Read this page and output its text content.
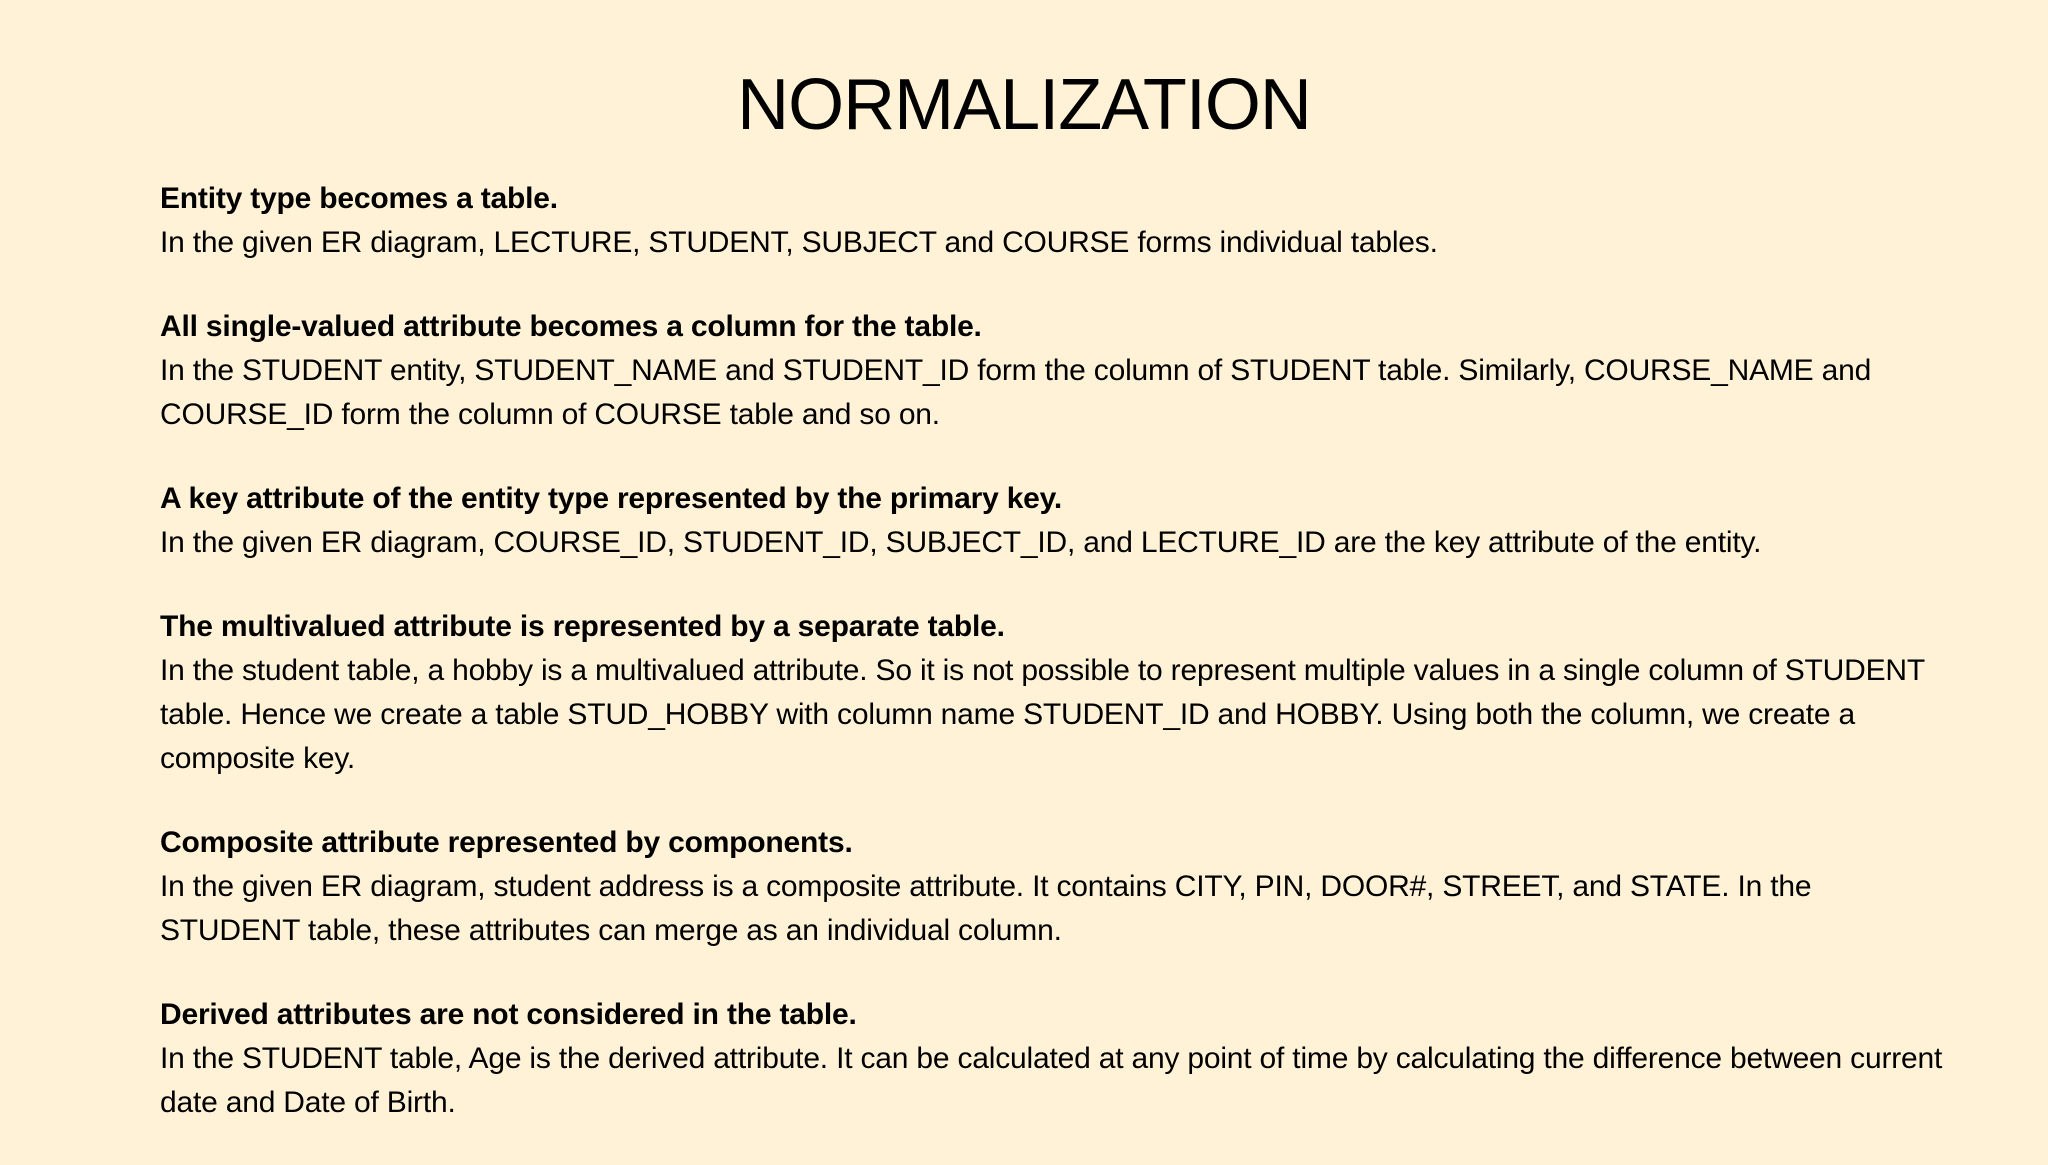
NORMALIZATION

Entity type becomes a table.

In the given ER diagram, LECTURE, STUDENT, SUBJECT and COURSE forms individual tables.

All single-valued attribute becomes a column for the table.

In the STUDENT entity, STUDENT_NAME and STUDENT_ID form the column of STUDENT table. Similarly, COURSE_NAME and COURSE_ID form the column of COURSE table and so on.

A key attribute of the entity type represented by the primary key.

In the given ER diagram, COURSE_ID, STUDENT_ID, SUBJECT_ID, and LECTURE_ID are the key attribute of the entity.

The multivalued attribute is represented by a separate table.

In the student table, a hobby is a multivalued attribute. So it is not possible to represent multiple values in a single column of STUDENT table. Hence we create a table STUD_HOBBY with column name STUDENT_ID and HOBBY. Using both the column, we create a composite key.

Composite attribute represented by components.

In the given ER diagram, student address is a composite attribute. It contains CITY, PIN, DOOR#, STREET, and STATE. In the STUDENT table, these attributes can merge as an individual column.

Derived attributes are not considered in the table.

In the STUDENT table, Age is the derived attribute. It can be calculated at any point of time by calculating the difference between current date and Date of Birth.
